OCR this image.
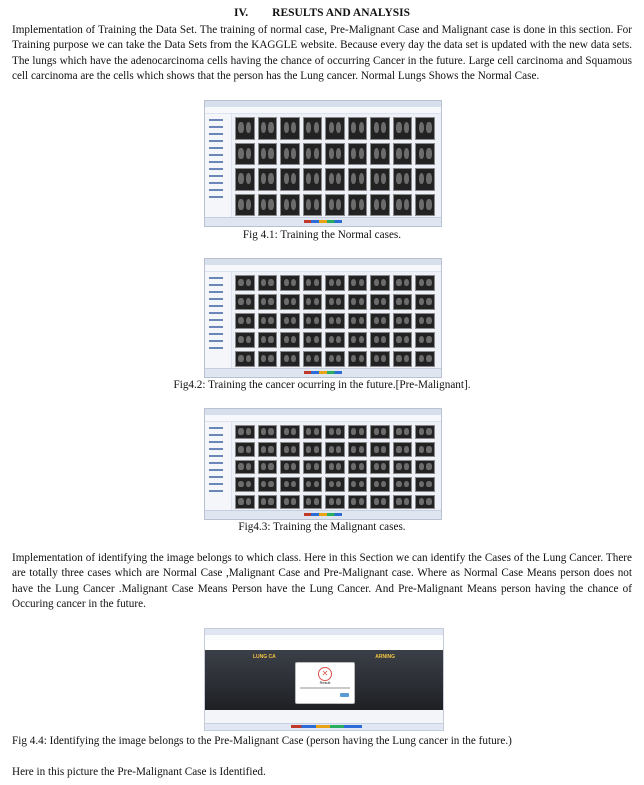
IV. RESULTS AND ANALYSIS
Implementation of Training the Data Set. The training of normal case, Pre-Malignant Case and Malignant case is done in this section. For Training purpose we can take the Data Sets from the KAGGLE website. Because every day the data set is updated with the new data sets. The lungs which have the adenocarcinoma cells having the chance of occurring Cancer in the future. Large cell carcinoma and Squamous cell carcinoma are the cells which shows that the person has the Lung cancer. Normal Lungs Shows the Normal Case.
Fig 4.1: Training the Normal cases.
Fig4.2: Training the cancer ocurring in the future.[Pre-Malignant].
Fig4.3: Training the Malignant cases.
Implementation of identifying the image belongs to which class. Here in this Section we can identify the Cases of the Lung Cancer. There are totally three cases which are Normal Case ,Malignant Case and Pre-Malignant case. Where as Normal Case Means person does not have the Lung Cancer .Malignant Case Means Person have the Lung Cancer. And Pre-Malignant Means person having the chance of Occuring cancer in the future.
LUNG CA	ARNING
✕
Result
Fig 4.4: Identifying the image belongs to the Pre-Malignant Case (person having the Lung cancer in the future.)
Here in this picture the Pre-Malignant Case is Identified.
